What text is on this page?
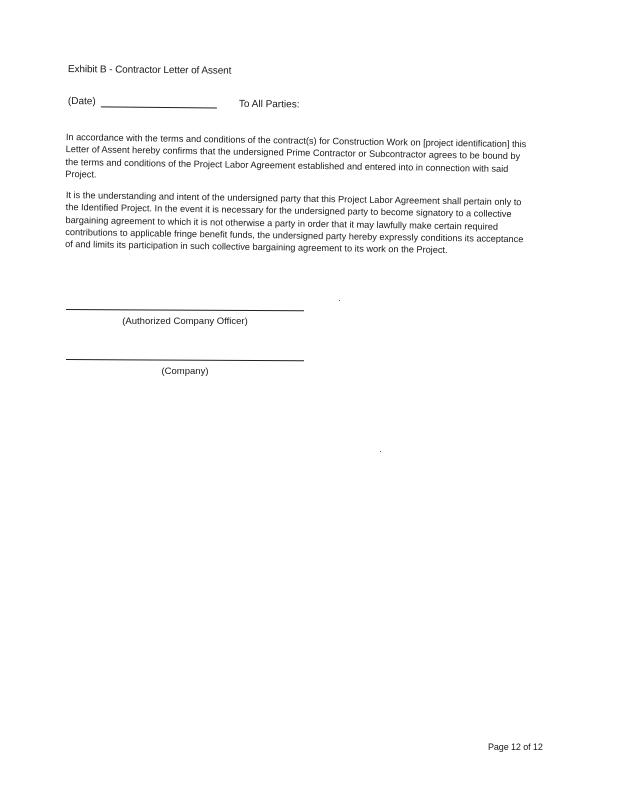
Exhibit B - Contractor Letter of Assent
(Date)	To All Parties:

In accordance with the terms and conditions of the contract(s) for Construction Work on [project identification] this Letter of Assent hereby confirms that the undersigned Prime Contractor or Subcontractor agrees to be bound by the terms and conditions of the Project Labor Agreement established and entered into in connection with said Project.

It is the understanding and intent of the undersigned party that this Project Labor Agreement shall pertain only to the Identified Project. In the event it is necessary for the undersigned party to become signatory to a collective bargaining agreement to which it is not otherwise a party in order that it may lawfully make certain required contributions to applicable fringe benefit funds, the undersigned party hereby expressly conditions its acceptance of and limits its participation in such collective bargaining agreement to its work on the Project.

(Authorized Company Officer)
(Company)
Page 12 of 12
